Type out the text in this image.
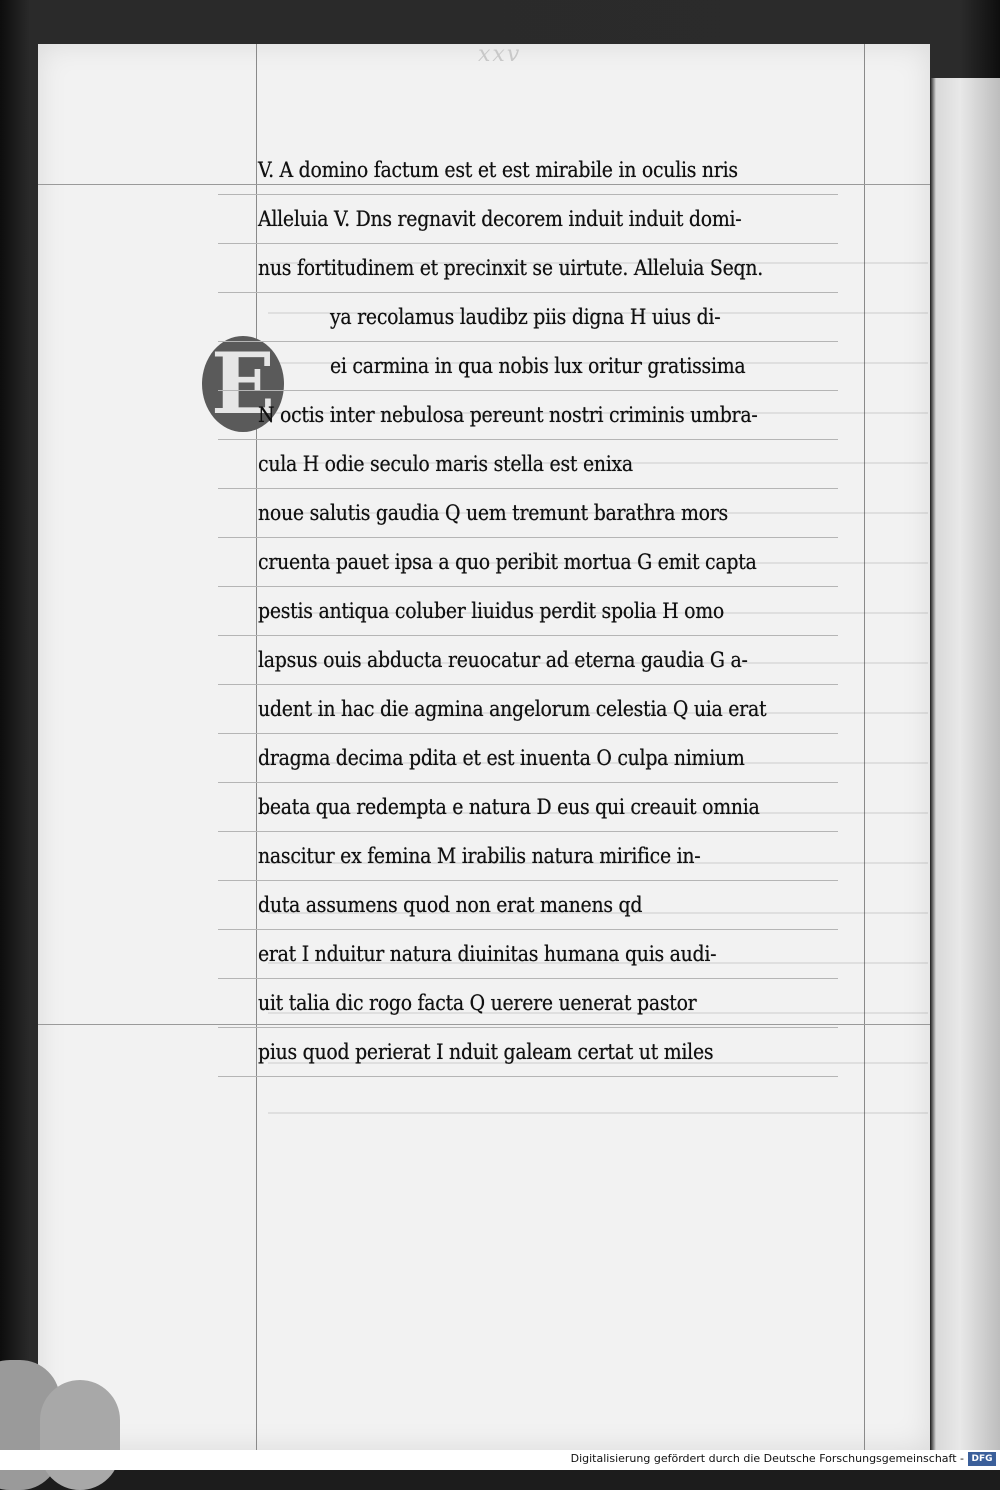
xxv
E
V. A domino factum est et est mirabile in oculis nris
Alleluia V. Dns regnavit decorem induit induit domi-
nus fortitudinem et precinxit se uirtute. Alleluia Seqn.
ya recolamus laudibz piis digna H uius di-
ei carmina in qua nobis lux oritur gratissima
N octis inter nebulosa pereunt nostri criminis umbra-
cula H odie seculo maris stella est enixa
noue salutis gaudia Q uem tremunt barathra mors
cruenta pauet ipsa a quo peribit mortua G emit capta
pestis antiqua coluber liuidus perdit spolia H omo
lapsus ouis abducta reuocatur ad eterna gaudia G a-
udent in hac die agmina angelorum celestia Q uia erat
dragma decima pdita et est inuenta O culpa nimium
beata qua redempta e natura D eus qui creauit omnia
nascitur ex femina M irabilis natura mirifice in-
duta assumens quod non erat manens qd
erat I nduitur natura diuinitas humana quis audi-
uit talia dic rogo facta Q uerere uenerat pastor
pius quod perierat I nduit galeam certat ut miles
Digitalisierung gefördert durch die Deutsche Forschungsgemeinschaft - DFG
